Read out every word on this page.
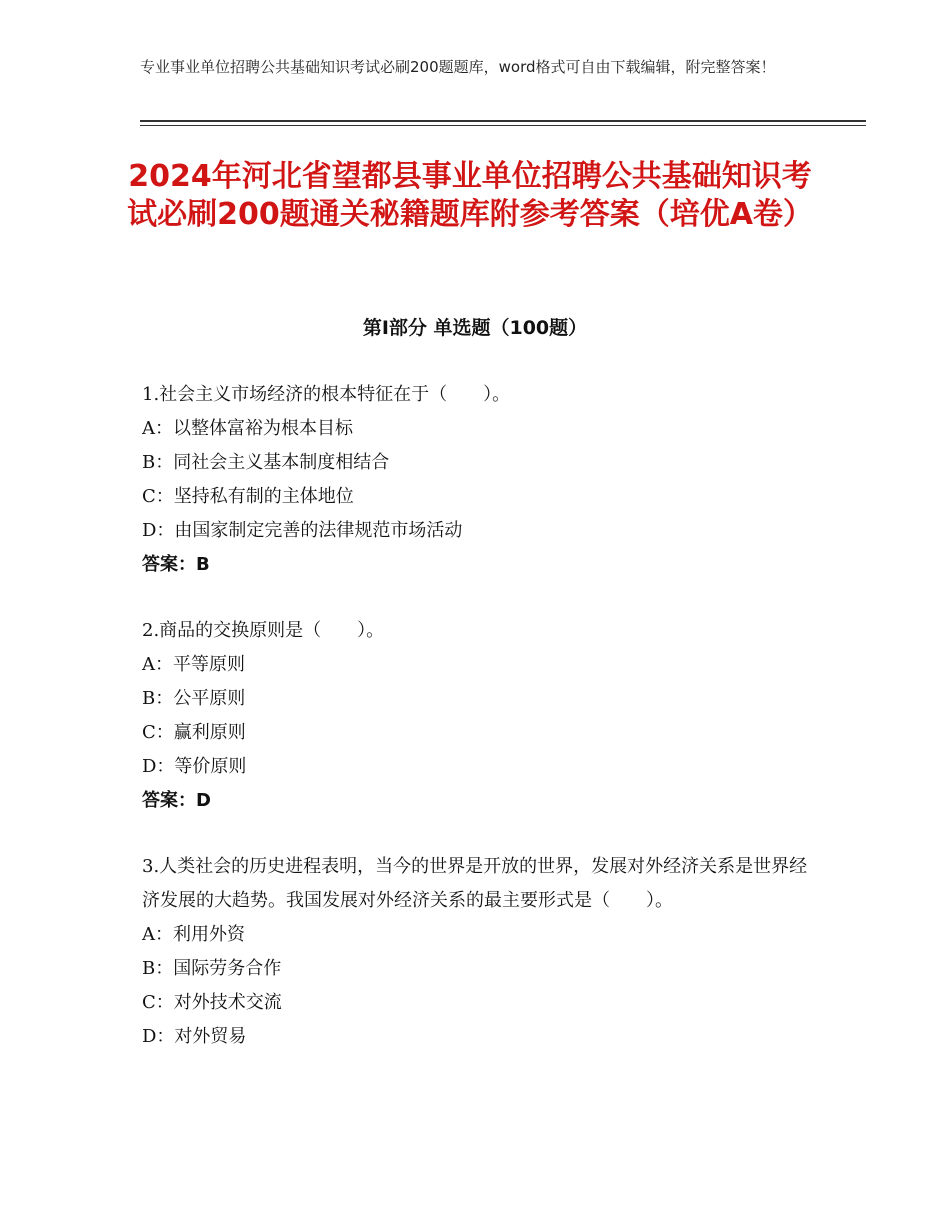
专业事业单位招聘公共基础知识考试必刷200题题库，word格式可自由下载编辑，附完整答案！
2024年河北省望都县事业单位招聘公共基础知识考试必刷200题通关秘籍题库附参考答案（培优A卷）
第I部分 单选题（100题）
1.社会主义市场经济的根本特征在于（　　）。
A：以整体富裕为根本目标
B：同社会主义基本制度相结合
C：坚持私有制的主体地位
D：由国家制定完善的法律规范市场活动
答案：B
2.商品的交换原则是（　　）。
A：平等原则
B：公平原则
C：赢利原则
D：等价原则
答案：D
3.人类社会的历史进程表明，当今的世界是开放的世界，发展对外经济关系是世界经济发展的大趋势。我国发展对外经济关系的最主要形式是（　　）。
A：利用外资
B：国际劳务合作
C：对外技术交流
D：对外贸易
